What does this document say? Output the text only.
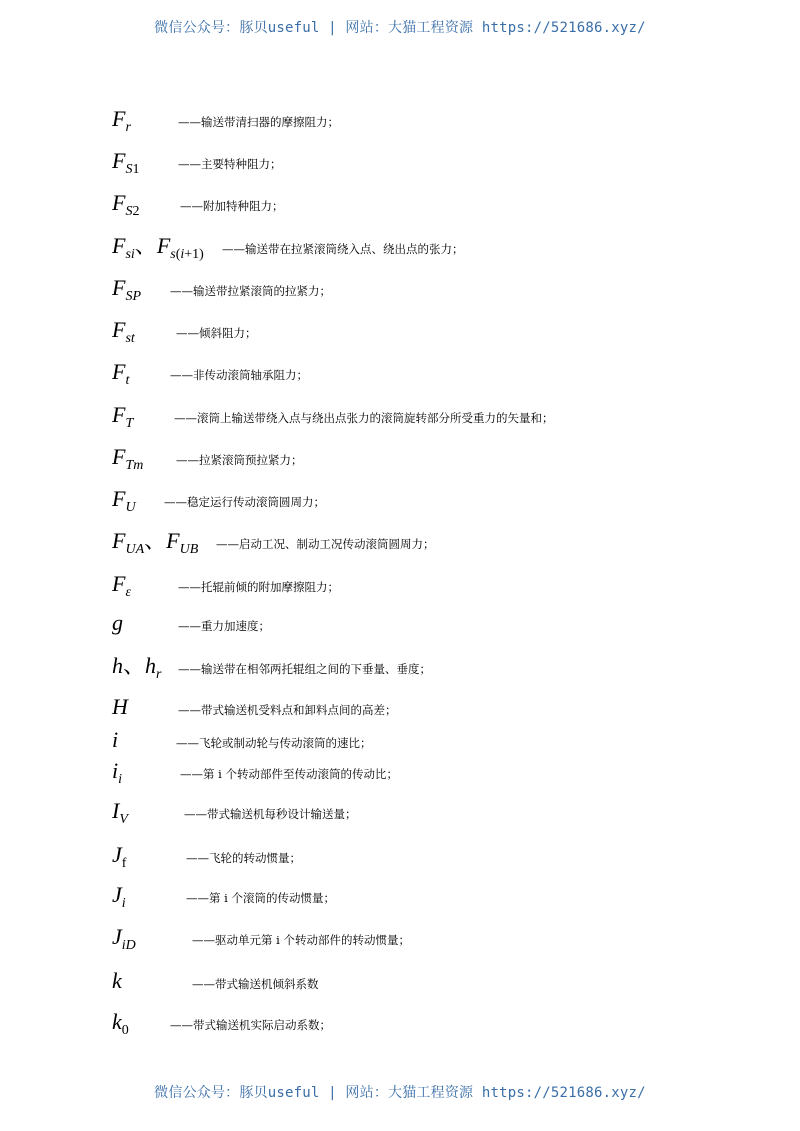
微信公众号：豚贝useful | 网站：大猫工程资源 https://521686.xyz/
$F_r$	——输送带清扫器的摩擦阻力；
$F_{S1}$	——主要特种阻力；
$F_{S2}$	——附加特种阻力；
$F_{si}$、$F_{s(i+1)}$ ——输送带在拉紧滚筒绕入点、绕出点的张力；
$F_{SP}$	——输送带拉紧滚筒的拉紧力；
$F_{st}$	——倾斜阻力；
$F_t$	——非传动滚筒轴承阻力；
$F_T$	——滚筒上输送带绕入点与绕出点张力的滚筒旋转部分所受重力的矢量和；
$F_{Tm}$	——拉紧滚筒预拉紧力；
$F_U$ ——稳定运行传动滚筒圆周力；
$F_{UA}$、$F_{UB}$ ——启动工况、制动工况传动滚筒圆周力；
$F_\varepsilon$	——托辊前倾的附加摩擦阻力；
g	——重力加速度；
h、$h_r$ ——输送带在相邻两托辊组之间的下垂量、垂度；
H	——带式输送机受料点和卸料点间的高差；
i	——飞轮或制动轮与传动滚筒的速比；
$i_i$	——第 i 个转动部件至传动滚筒的传动比；
$I_V$	——带式输送机每秒设计输送量；
$J_f$	——飞轮的转动惯量；
$J_i$	——第 i 个滚筒的传动惯量；
$J_{iD}$	——驱动单元第 i 个转动部件的转动惯量；
k	——带式输送机倾斜系数
$k_0$	——带式输送机实际启动系数；
微信公众号：豚贝useful | 网站：大猫工程资源 https://521686.xyz/
